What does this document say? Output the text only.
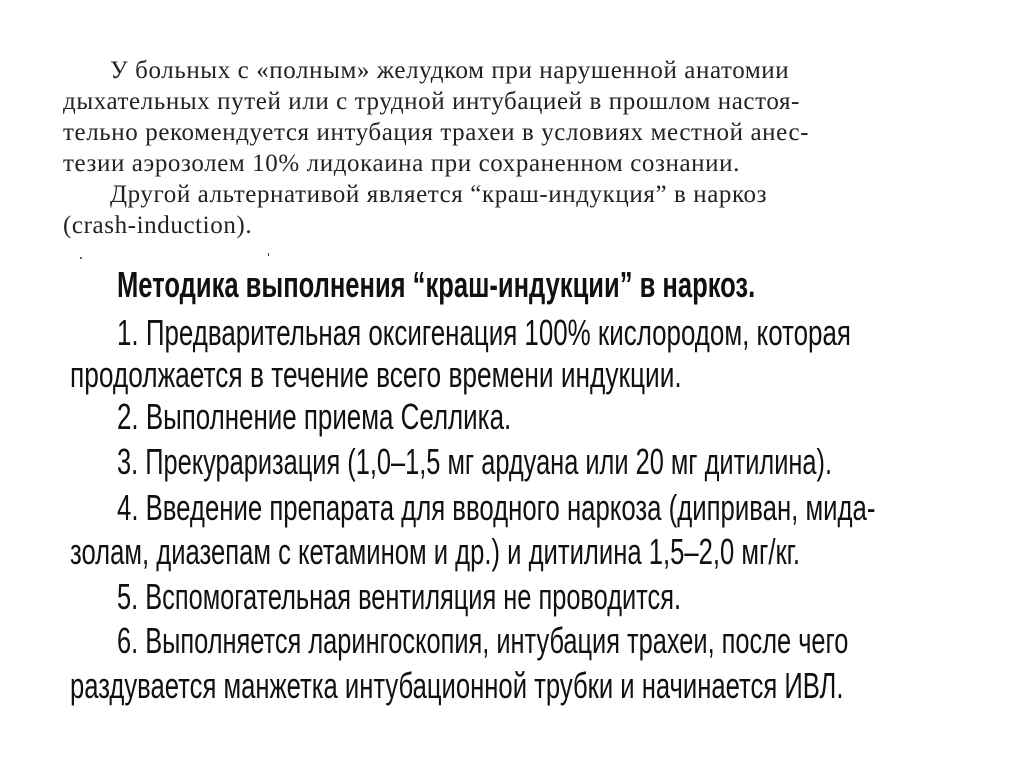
У больных с «полным» желудком при нарушенной анатомии
дыхательных путей или с трудной интубацией в прошлом настоя-
тельно рекомендуется интубация трахеи в условиях местной анес-
тезии аэрозолем 10% лидокаина при сохраненном сознании.
Другой альтернативой является “краш-индукция” в наркоз
(crash-induction).
Методика выполнения “краш-индукции” в наркоз.
1. Предварительная оксигенация 100% кислородом, которая
продолжается в течение всего времени индукции.
2. Выполнение приема Селлика.
3. Прекураризация (1,0–1,5 мг ардуана или 20 мг дитилина).
4. Введение препарата для вводного наркоза (диприван, мида-
золам, диазепам с кетамином и др.) и дитилина 1,5–2,0 мг/кг.
5. Вспомогательная вентиляция не проводится.
6. Выполняется ларингоскопия, интубация трахеи, после чего
раздувается манжетка интубационной трубки и начинается ИВЛ.
